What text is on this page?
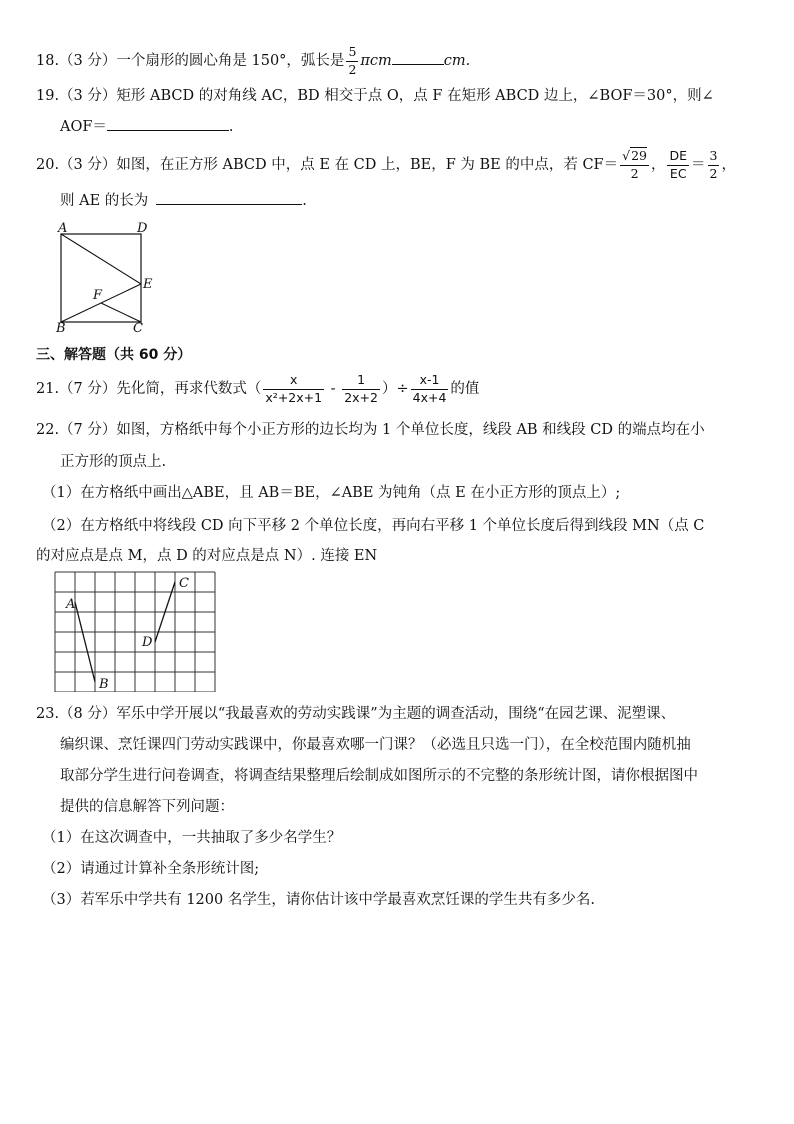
18.（3 分）一个扇形的圆心角是 150°，弧长是 $\frac{5}{2}$ πcm	cm.
19.（3 分）矩形 ABCD 的对角线 AC，BD 相交于点 O，点 F 在矩形 ABCD 边上，∠BOF＝30°，则∠
AOF＝	.
20.（3 分）如图，在正方形 ABCD 中，点 E 在 CD 上，BE，F 为 BE 的中点，若 $CF= \frac{√29}{2}$ ， $\frac{DE}{EC} = \frac{3}{2}$ ，
则 AE 的长为	.
A	D
E
F
B	C
三、解答题（共 60 分）
21.（7 分）先化简，再求代数式（ $\frac{x}{\text{x²+2x+1}} - \frac{1}{2x+2}$ ）÷ $\frac{x-1}{4x+4}$ 的值
22.（7 分）如图，方格纸中每个小正方形的边长均为 1 个单位长度，线段 AB 和线段 CD 的端点均在小
正方形的顶点上.
（1）在方格纸中画出△ABE，且 AB＝BE，∠ABE 为钝角（点 E 在小正方形的顶点上）;
（2）在方格纸中将线段 CD 向下平移 2 个单位长度，再向右平移 1 个单位长度后得到线段 MN（点 C
的对应点是点 M，点 D 的对应点是点 N）. 连接 EN
A
B
C
D
23.（8 分）军乐中学开展以“我最喜欢的劳动实践课”为主题的调查活动，围绕“在园艺课、泥塑课、
编织课、烹饪课四门劳动实践课中，你最喜欢哪一门课？（必选且只选一门），在全校范围内随机抽
取部分学生进行问卷调查，将调查结果整理后绘制成如图所示的不完整的条形统计图，请你根据图中
提供的信息解答下列问题：
（1）在这次调查中，一共抽取了多少名学生？
（2）请通过计算补全条形统计图;
（3）若军乐中学共有 1200 名学生，请你估计该中学最喜欢烹饪课的学生共有多少名.
